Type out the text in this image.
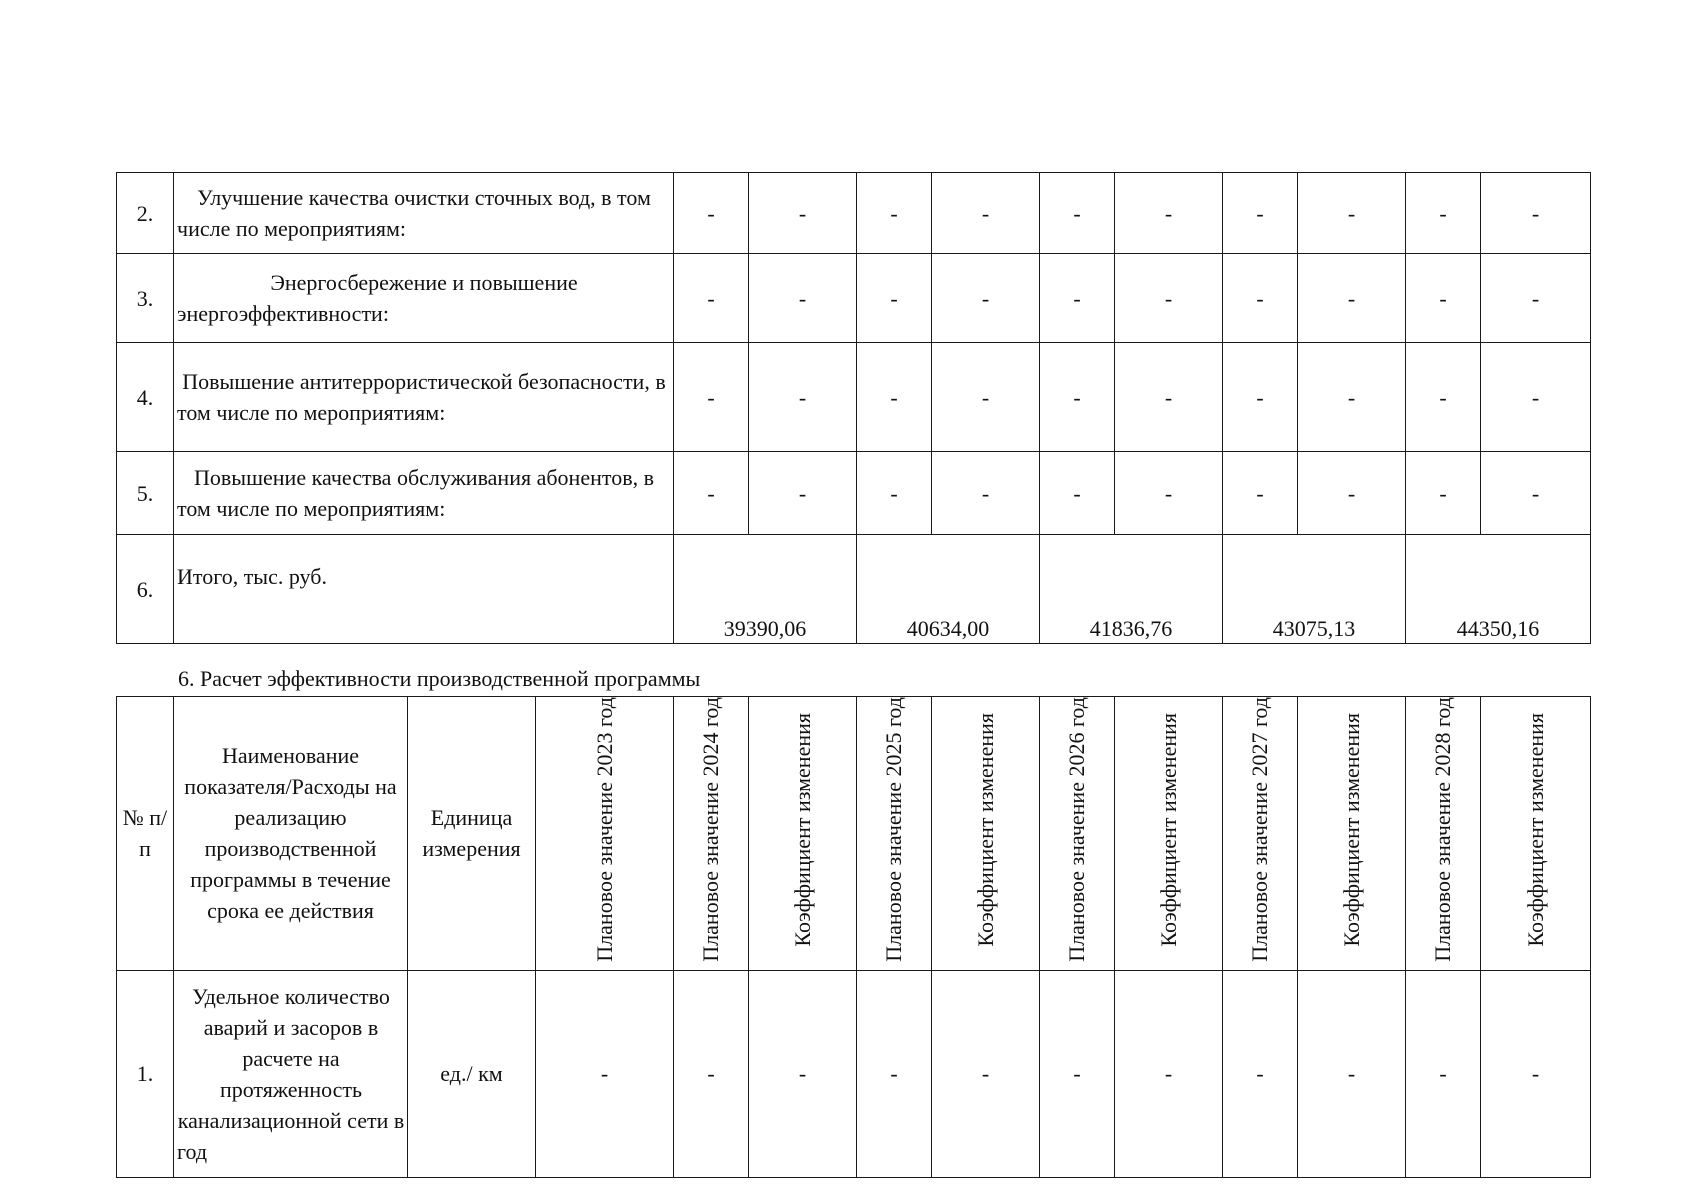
2.	Улучшение качества очистки сточных вод, в том числе по мероприятиям:	-	-	-	-	-	-	-	-	-	-
3.	Энергосбережение и повышение энергоэффективности:	-	-	-	-	-	-	-	-	-	-
4.	Повышение антитеррористической безопасности, в том числе по мероприятиям:	-	-	-	-	-	-	-	-	-	-
5.	Повышение качества обслуживания абонентов, в том числе по мероприятиям:	-	-	-	-	-	-	-	-	-	-
6.	Итого, тыс. руб.	39390,06		40634,00		41836,76		43075,13		44350,16	
6. Расчет эффективности производственной программы
№ п/п	Наименование показателя/Расходы на реализацию производственной программы в течение срока ее действия	Единица измерения	Плановое значение 2023 год	Плановое значение 2024 год	Коэффициент изменения	Плановое значение 2025 год	Коэффициент изменения	Плановое значение 2026 год	Коэффициент изменения	Плановое значение 2027 год	Коэффициент изменения	Плановое значение 2028 год	Коэффициент изменения
1.	Удельное количество аварий и засоров в расчете на протяженность канализационной сети в год	ед./ км	-	-	-	-	-	-	-	-	-	-	-
